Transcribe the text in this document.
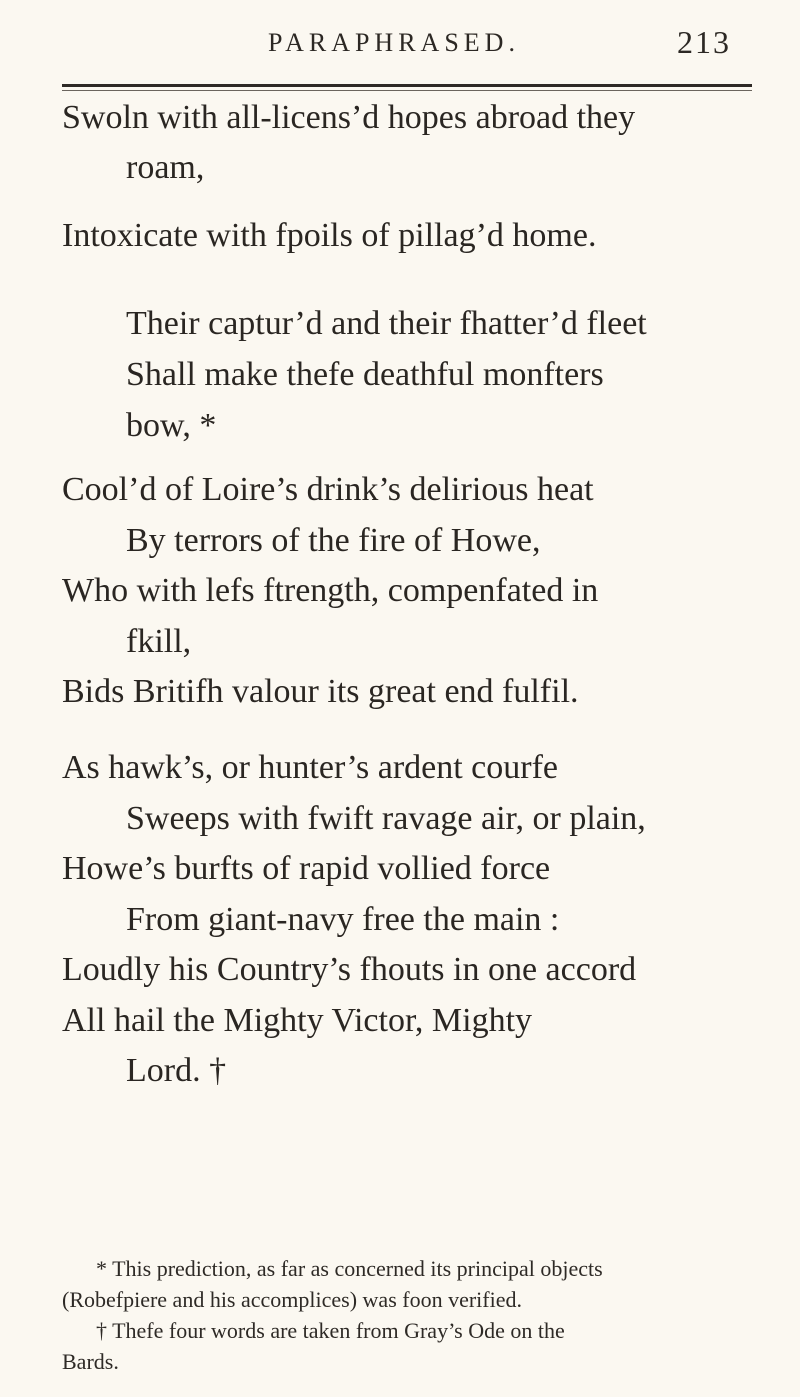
PARAPHRASED.	213
Swoln with all-licens’d hopes abroad they
roam,
Intoxicate with fpoils of pillag’d home.
Their captur’d and their fhatter’d fleet
Shall make thefe deathful monfters
bow, *
Cool’d of Loire’s drink’s delirious heat
By terrors of the fire of Howe,
Who with lefs ftrength, compenfated in
fkill,
Bids Britifh valour its great end fulfil.
As hawk’s, or hunter’s ardent courfe
Sweeps with fwift ravage air, or plain,
Howe’s burfts of rapid vollied force
From giant-navy free the main :
Loudly his Country’s fhouts in one accord
All hail the Mighty Victor, Mighty
Lord. †
* This prediction, as far as concerned its principal objects
(Robefpiere and his accomplices) was foon verified.
† Thefe four words are taken from Gray’s Ode on the
Bards.
